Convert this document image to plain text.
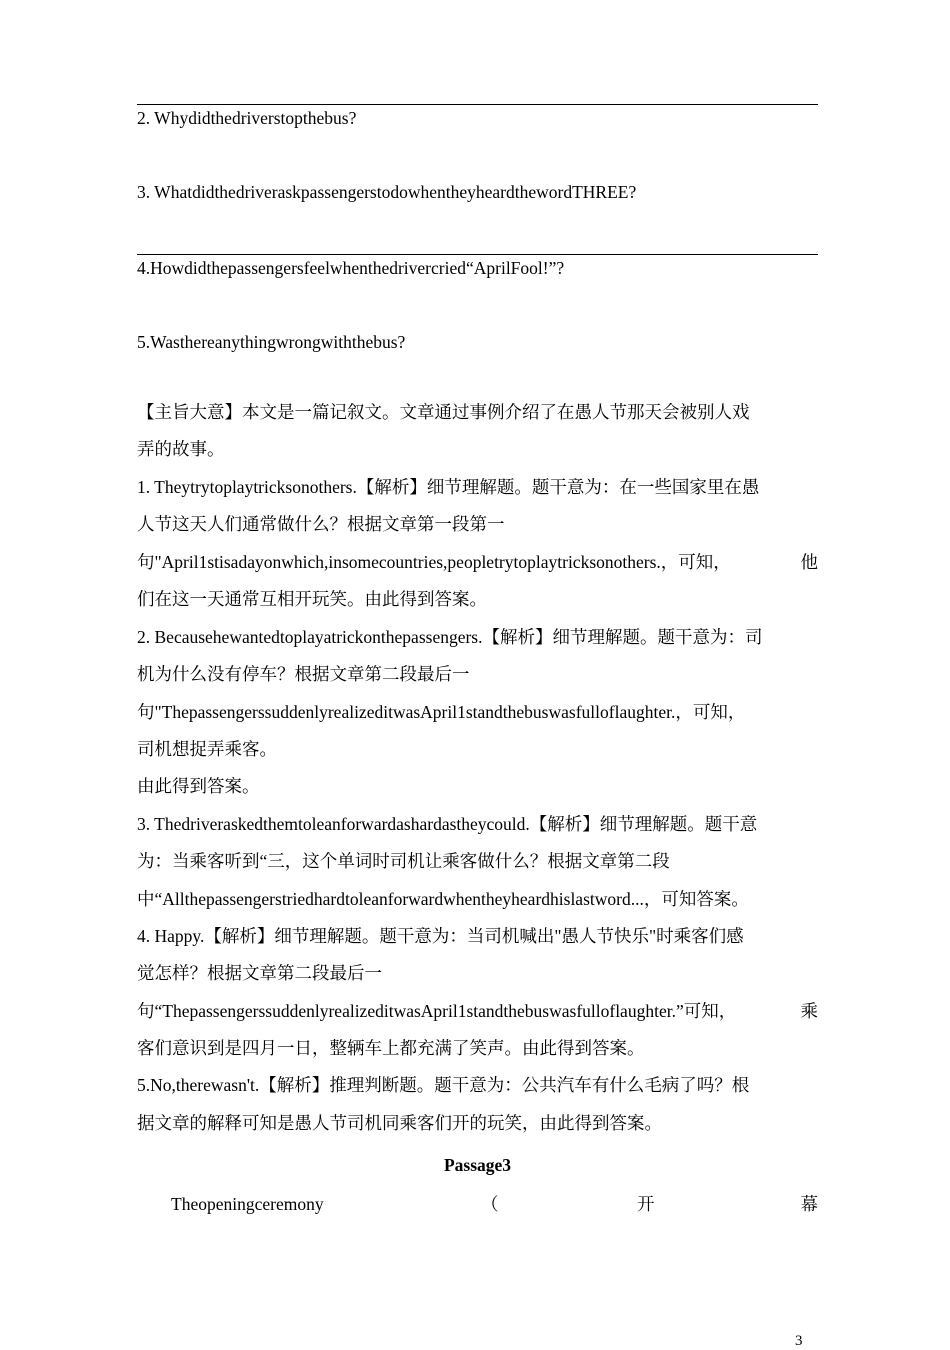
2. Whydidthedriverstopthebus?
3. WhatdidthedriveraskpassengerstodowhentheyheardthewordTHREE?
4.Howdidthepassengersfeelwhenthedrivercried“AprilFool!”?
5.Wasthereanythingwrongwiththebus?
【主旨大意】本文是一篇记叙文。文章通过事例介绍了在愚人节那天会被别人戏
弄的故事。
1. Theytrytoplaytricksonothers.【解析】细节理解题。题干意为：在一些国家里在愚
人节这天人们通常做什么？根据文章第一段第一
句"April1stisadayonwhich,insomecountries,peopletrytoplaytricksonothers.，可知，	他
们在这一天通常互相开玩笑。由此得到答案。
2. Becausehewantedtoplayatrickonthepassengers.【解析】细节理解题。题干意为：司
机为什么没有停车？根据文章第二段最后一
句"ThepassengerssuddenlyrealizeditwasApril1standthebuswasfulloflaughter.，可知，
司机想捉弄乘客。
由此得到答案。
3. Thedriveraskedthemtoleanforwardashardastheycould.【解析】细节理解题。题干意
为：当乘客听到“三，这个单词时司机让乘客做什么？根据文章第二段
中“Allthepassengerstriedhardtoleanforwardwhentheyheardhislastword...，可知答案。
4. Happy.【解析】细节理解题。题干意为：当司机喊出"愚人节快乐"时乘客们感
觉怎样？根据文章第二段最后一
句“ThepassengerssuddenlyrealizeditwasApril1standthebuswasfulloflaughter.”可知，	乘
客们意识到是四月一日，整辆车上都充满了笑声。由此得到答案。
5.No,therewasn't.【解析】推理判断题。题干意为：公共汽车有什么毛病了吗？根
据文章的解释可知是愚人节司机同乘客们开的玩笑，由此得到答案。
Passage3
Theopeningceremony	（	开	幕
3
